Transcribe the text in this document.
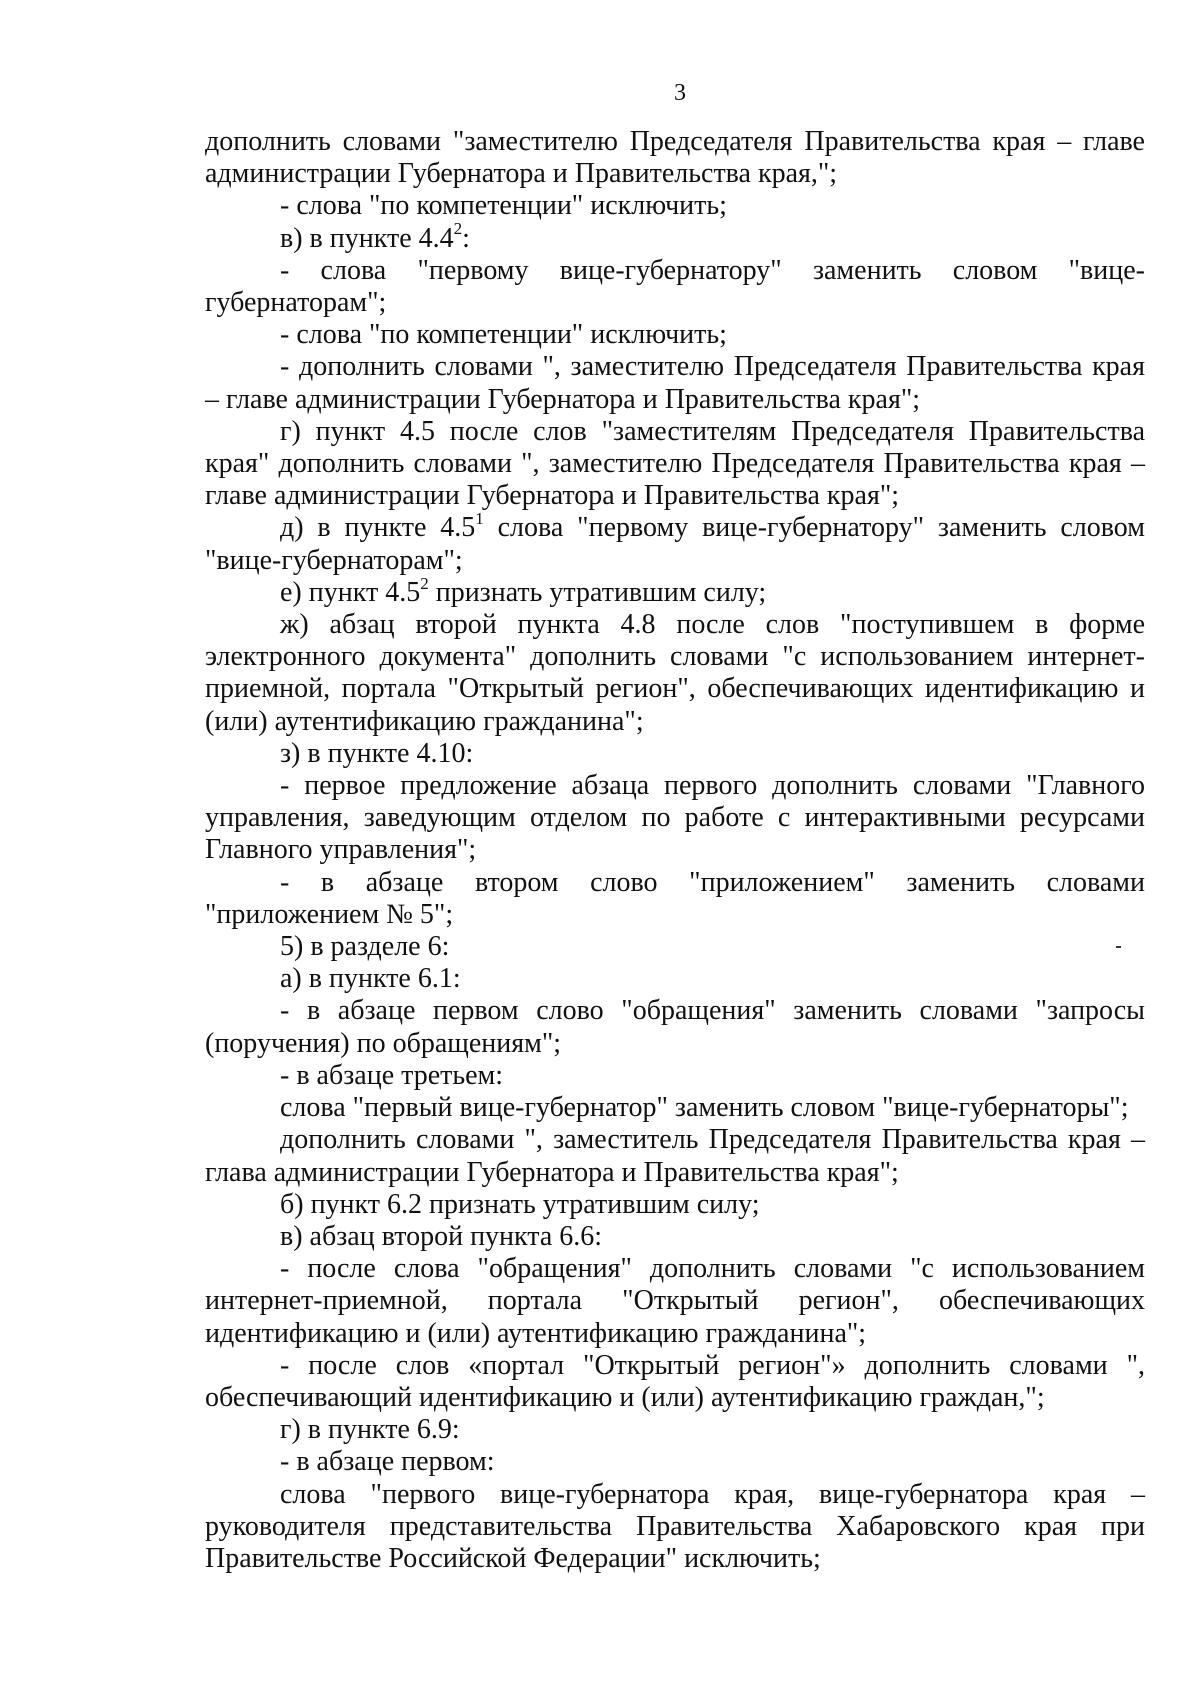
3

дополнить словами "заместителю Председателя Правительства края – главе администрации Губернатора и Правительства края,";

- слова "по компетенции" исключить;

в) в пункте $4.4^2$:

- слова "первому вице-губернатору" заменить словом "вице-губернаторам";

- слова "по компетенции" исключить;

- дополнить словами ", заместителю Председателя Правительства края – главе администрации Губернатора и Правительства края";

г) пункт 4.5 после слов "заместителям Председателя Правительства края" дополнить словами ", заместителю Председателя Правительства края – главе администрации Губернатора и Правительства края";

д) в пункте $4.5^1$ слова "первому вице-губернатору" заменить словом "вице-губернаторам";

е) пункт $4.5^2$ признать утратившим силу;

ж) абзац второй пункта 4.8 после слов "поступившем в форме электронного документа" дополнить словами "с использованием интернет-приемной, портала "Открытый регион", обеспечивающих идентификацию и (или) аутентификацию гражданина";

з) в пункте 4.10:

- первое предложение абзаца первого дополнить словами "Главного управления, заведующим отделом по работе с интерактивными ресурсами Главного управления";

- в абзаце втором слово "приложением" заменить словами "приложением № 5";

5) в разделе 6:

а) в пункте 6.1:

- в абзаце первом слово "обращения" заменить словами "запросы (поручения) по обращениям";

- в абзаце третьем:

слова "первый вице-губернатор" заменить словом "вице-губернаторы";

дополнить словами ", заместитель Председателя Правительства края – глава администрации Губернатора и Правительства края";

б) пункт 6.2 признать утратившим силу;

в) абзац второй пункта 6.6:

- после слова "обращения" дополнить словами "с использованием интернет-приемной, портала "Открытый регион", обеспечивающих идентификацию и (или) аутентификацию гражданина";

- после слов «портал "Открытый регион"» дополнить словами ", обеспечивающий идентификацию и (или) аутентификацию граждан,";

г) в пункте 6.9:

- в абзаце первом:

слова "первого вице-губернатора края, вице-губернатора края – руководителя представительства Правительства Хабаровского края при Правительстве Российской Федерации" исключить;
